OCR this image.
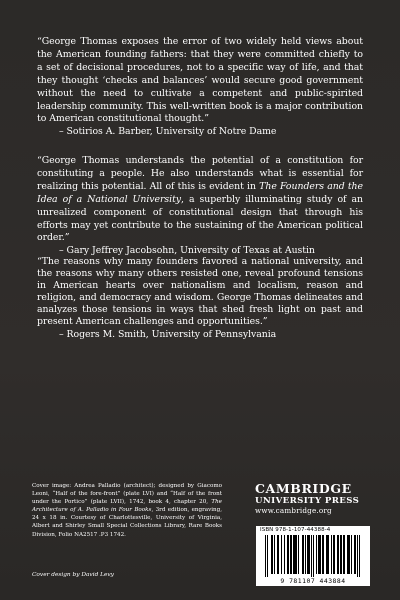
“George Thomas exposes the error of two widely held views about the American founding fathers: that they were committed chiefly to a set of decisional procedures, not to a specific way of life, and that they thought ‘checks and balances’ would secure good government without the need to cultivate a competent and public-spirited leadership community. This well-written book is a major contribution to American constitutional thought.”

– Sotirios A. Barber, University of Notre Dame

“George Thomas understands the potential of a constitution for constituting a people. He also understands what is essential for realizing this potential. All of this is evident in The Founders and the Idea of a National University, a superbly illuminating study of an unrealized component of constitutional design that through his efforts may yet contribute to the sustaining of the American political order.”

– Gary Jeffrey Jacobsohn, University of Texas at Austin

“The reasons why many founders favored a national university, and the reasons why many others resisted one, reveal profound tensions in American hearts over nationalism and localism, reason and religion, and democracy and wisdom. George Thomas delineates and analyzes those tensions in ways that shed fresh light on past and present American challenges and opportunities.”

– Rogers M. Smith, University of Pennsylvania

Cover image: Andrea Palladio (architect); designed by Giacomo Leoni, “Half of the fore-front” (plate LVI) and “Half of the front under the Portico” (plate LVII), 1742, book 4, chapter 20, The Architecture of A. Palladio in Four Books, 3rd edition, engraving, 24 x 18 in. Courtesy of Charlottesville, University of Virginia, Albert and Shirley Small Special Collections Library, Rare Books Division, Folio NA2517 .P3 1742.

Cover design by David Levy
CAMBRIDGE
UNIVERSITY PRESS
www.cambridge.org
ISBN 978-1-107-44388-4
9 781107 443884
